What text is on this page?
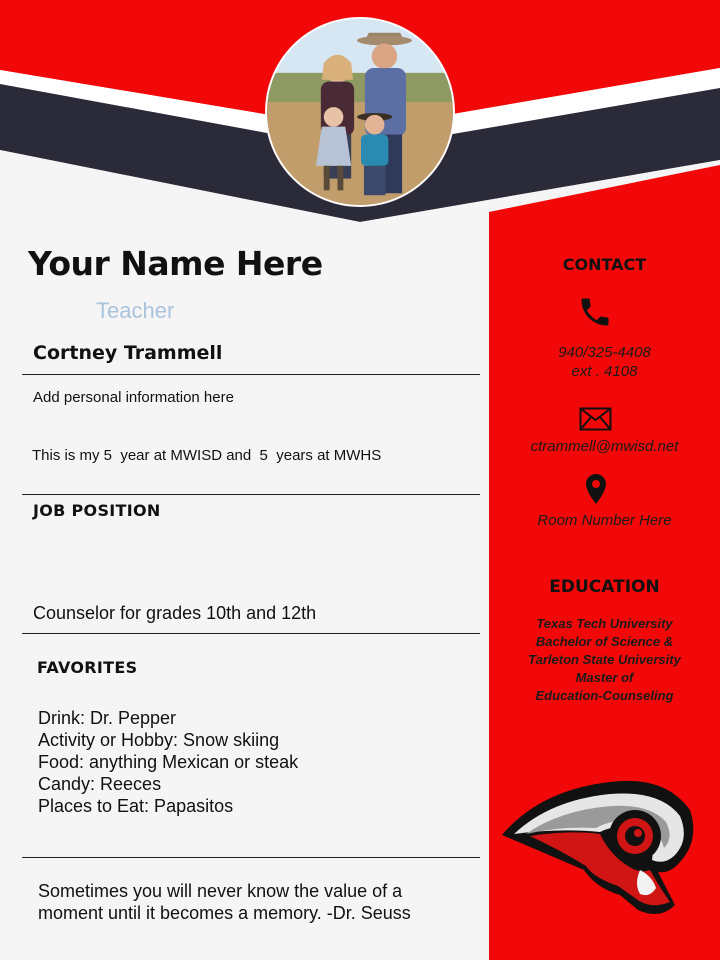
Your Name Here
Teacher
Cortney Trammell
Add personal information here
This is my 5  year at MWISD and  5  years at MWHS
JOB POSITION
Counselor for grades 10th and 12th
FAVORITES
Drink: Dr. Pepper
Activity or Hobby: Snow skiing
Food: anything Mexican or steak
Candy: Reeces
Places to Eat: Papasitos
Sometimes you will never know the value of a moment until it becomes a memory. -Dr. Seuss
CONTACT
940/325-4408
ext . 4108
ctrammell@mwisd.net
Room Number Here
EDUCATION
Texas Tech University
Bachelor of Science &
Tarleton State University
Master of
Education-Counseling
